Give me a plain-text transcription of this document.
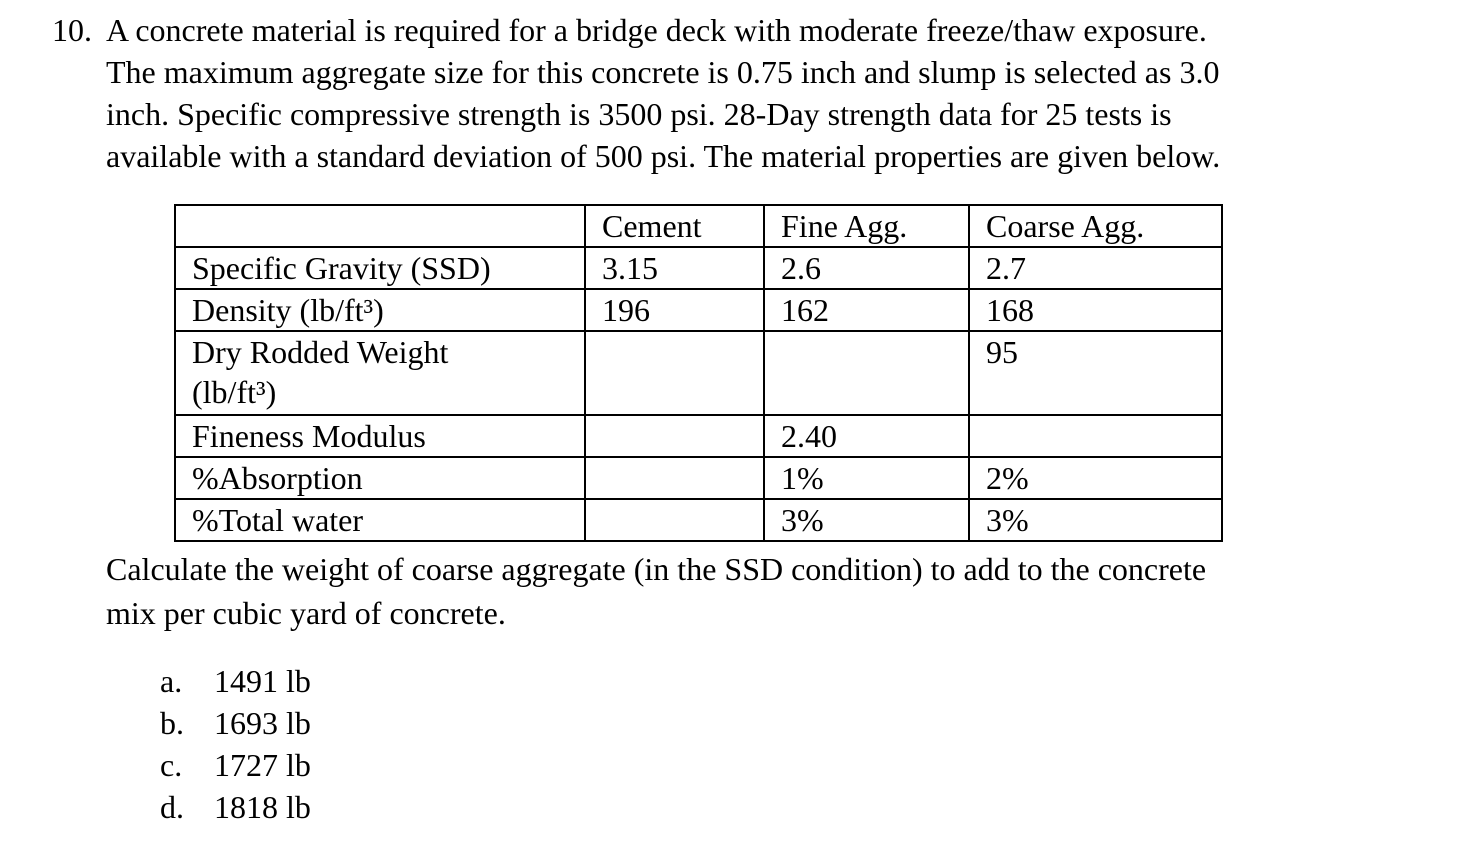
10. A concrete material is required for a bridge deck with moderate freeze/thaw exposure.
The maximum aggregate size for this concrete is 0.75 inch and slump is selected as 3.0
inch. Specific compressive strength is 3500 psi. 28-Day strength data for 25 tests is
available with a standard deviation of 500 psi. The material properties are given below.
	Cement	Fine Agg.	Coarse Agg.
Specific Gravity (SSD)	3.15	2.6	2.7
Density (lb/ft³)	196	162	168
Dry Rodded Weight
(lb/ft³)			95
Fineness Modulus		2.40	
%Absorption		1%	2%
%Total water		3%	3%
Calculate the weight of coarse aggregate (in the SSD condition) to add to the concrete
mix per cubic yard of concrete.
a. 1491 lb
b. 1693 lb
c. 1727 lb
d. 1818 lb
